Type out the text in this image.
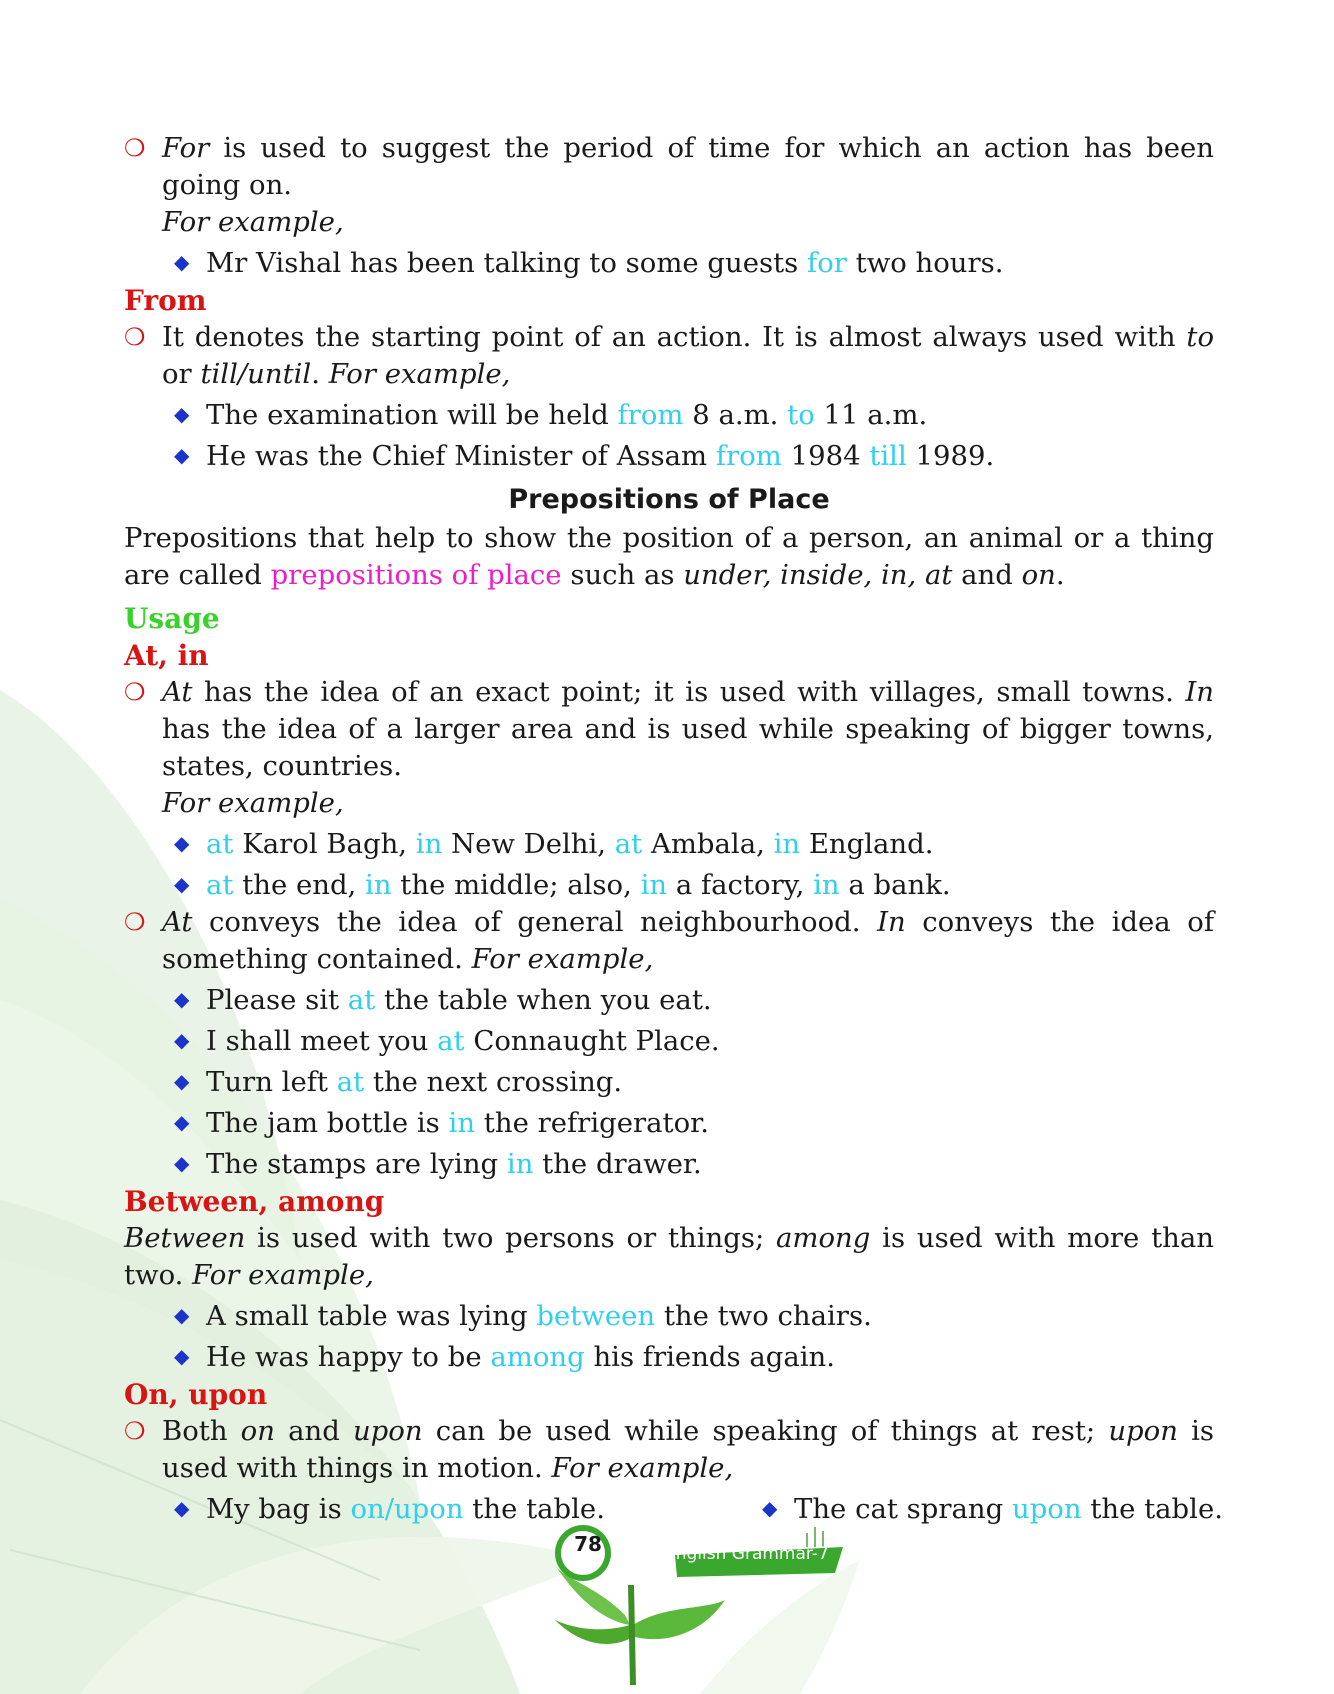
❍ For is used to suggest the period of time for which an action has been going on.
For example,
◆ Mr Vishal has been talking to some guests for two hours.
From
❍ It denotes the starting point of an action. It is almost always used with to or till/until. For example,
◆ The examination will be held from 8 a.m. to 11 a.m.
◆ He was the Chief Minister of Assam from 1984 till 1989.
Prepositions of Place
Prepositions that help to show the position of a person, an animal or a thing are called prepositions of place such as under, inside, in, at and on.
Usage
At, in
❍ At has the idea of an exact point; it is used with villages, small towns. In has the idea of a larger area and is used while speaking of bigger towns, states, countries.
For example,
◆ at Karol Bagh, in New Delhi, at Ambala, in England.
◆ at the end, in the middle; also, in a factory, in a bank.
❍ At conveys the idea of general neighbourhood. In conveys the idea of something contained. For example,
◆ Please sit at the table when you eat.
◆ I shall meet you at Connaught Place.
◆ Turn left at the next crossing.
◆ The jam bottle is in the refrigerator.
◆ The stamps are lying in the drawer.
Between, among
Between is used with two persons or things; among is used with more than two. For example,
◆ A small table was lying between the two chairs.
◆ He was happy to be among his friends again.
On, upon
❍ Both on and upon can be used while speaking of things at rest; upon is used with things in motion. For example,
◆ My bag is on/upon the table.	◆ The cat sprang upon the table.
78	English Grammar-7
